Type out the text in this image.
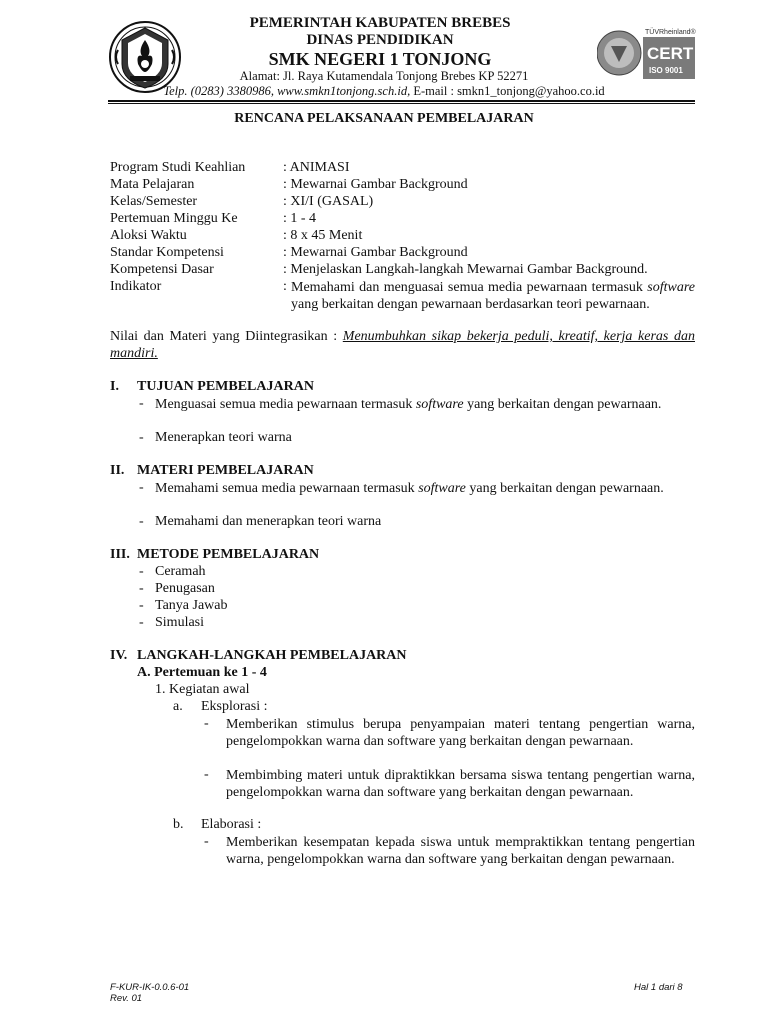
TÜVRheinland®
CERT
ISO 9001
PEMERINTAH KABUPATEN BREBES
DINAS PENDIDIKAN
SMK NEGERI 1 TONJONG
Alamat: Jl. Raya Kutamendala Tonjong Brebes KP 52271
Telp. (0283) 3380986, www.smkn1tonjong.sch.id, E-mail : smkn1_tonjong@yahoo.co.id
RENCANA PELAKSANAAN PEMBELAJARAN
Program Studi Keahlian	: ANIMASI
Mata Pelajaran	: Mewarnai Gambar Background
Kelas/Semester	: XI/I (GASAL)
Pertemuan Minggu Ke	: 1 - 4
Aloksi Waktu	: 8 x 45 Menit
Standar Kompetensi	: Mewarnai Gambar Background
Kompetensi Dasar	: Menjelaskan Langkah-langkah Mewarnai Gambar Background.
Indikator	: Memahami dan menguasai semua media pewarnaan termasuk software yang berkaitan dengan pewarnaan berdasarkan teori pewarnaan.
Nilai dan Materi yang Diintegrasikan : Menumbuhkan sikap bekerja peduli, kreatif, kerja keras dan mandiri.
I. TUJUAN PEMBELAJARAN
- Menguasai semua media pewarnaan termasuk software yang berkaitan dengan pewarnaan.
- Menerapkan teori warna
II. MATERI PEMBELAJARAN
- Memahami semua media pewarnaan termasuk software yang berkaitan dengan pewarnaan.
- Memahami dan menerapkan teori warna
III. METODE PEMBELAJARAN
- Ceramah
- Penugasan
- Tanya Jawab
- Simulasi
IV. LANGKAH-LANGKAH PEMBELAJARAN
A. Pertemuan ke 1 - 4
1. Kegiatan awal
a. Eksplorasi :
- Memberikan stimulus berupa penyampaian materi tentang pengertian warna, pengelompokkan warna dan software yang berkaitan dengan pewarnaan.
- Membimbing materi untuk dipraktikkan bersama siswa tentang pengertian warna, pengelompokkan warna dan software yang berkaitan dengan pewarnaan.
b. Elaborasi :
- Memberikan kesempatan kepada siswa untuk mempraktikkan tentang pengertian warna, pengelompokkan warna dan software yang berkaitan dengan pewarnaan.
F-KUR-IK-0.0.6-01
Rev. 01
Hal 1 dari 8
